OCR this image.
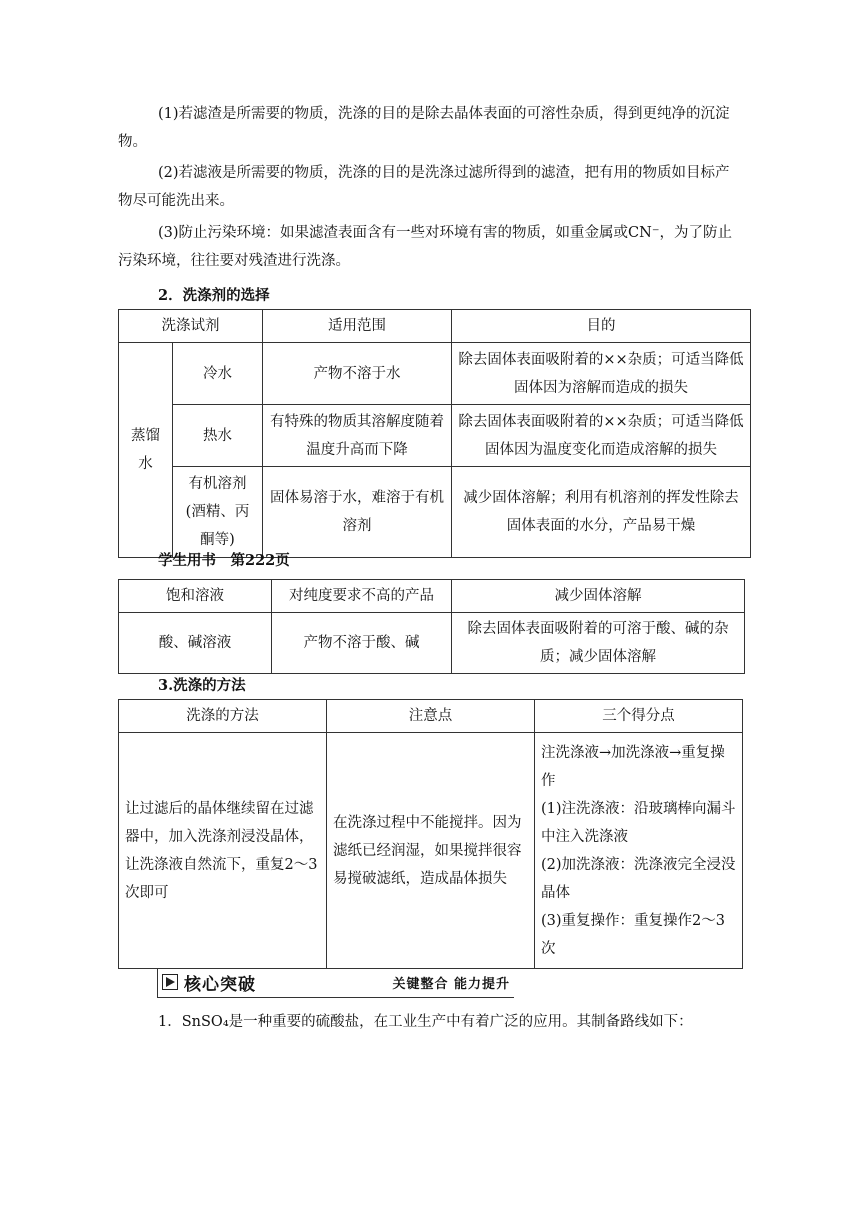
(1)若滤渣是所需要的物质，洗涤的目的是除去晶体表面的可溶性杂质，得到更纯净的沉淀物。

(2)若滤液是所需要的物质，洗涤的目的是洗涤过滤所得到的滤渣，把有用的物质如目标产物尽可能洗出来。

(3)防止污染环境：如果滤渣表面含有一些对环境有害的物质，如重金属或CN⁻，为了防止污染环境，往往要对残渣进行洗涤。

2．洗涤剂的选择

洗涤试剂		适用范围	目的
蒸馏水	冷水	产物不溶于水	除去固体表面吸附着的××杂质；可适当降低固体因为溶解而造成的损失
	热水	有特殊的物质其溶解度随着温度升高而下降	除去固体表面吸附着的××杂质；可适当降低固体因为温度变化而造成溶解的损失
	有机溶剂(酒精、丙酮等)	固体易溶于水，难溶于有机溶剂	减少固体溶解；利用有机溶剂的挥发性除去固体表面的水分，产品易干燥

学生用书　第222页

饱和溶液	对纯度要求不高的产品	减少固体溶解
酸、碱溶液	产物不溶于酸、碱	除去固体表面吸附着的可溶于酸、碱的杂质；减少固体溶解

3.洗涤的方法

洗涤的方法	注意点	三个得分点
让过滤后的晶体继续留在过滤器中，加入洗涤剂浸没晶体，让洗涤液自然流下，重复2～3次即可	在洗涤过程中不能搅拌。因为滤纸已经润湿，如果搅拌很容易搅破滤纸，造成晶体损失	注洗涤液→加洗涤液→重复操作
(1)注洗涤液：沿玻璃棒向漏斗中注入洗涤液
(2)加洗涤液：洗涤液完全浸没晶体
(3)重复操作：重复操作2～3次
核心突破	关键整合 能力提升

1．SnSO₄是一种重要的硫酸盐，在工业生产中有着广泛的应用。其制备路线如下：
